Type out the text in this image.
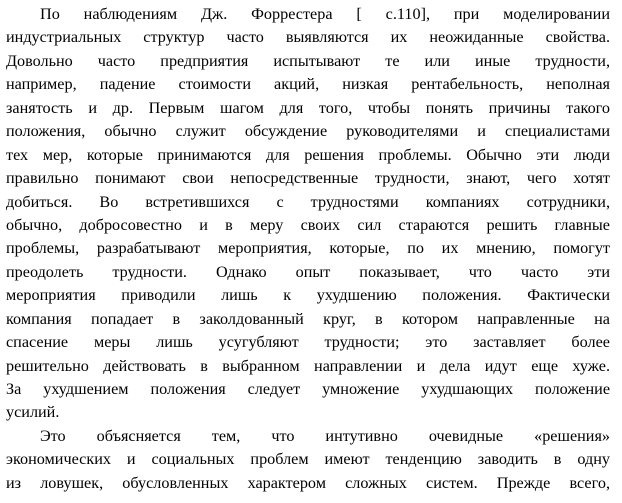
По наблюдениям Дж. Форрестера [ с.110], при моделировании
индустриальных структур часто выявляются их неожиданные свойства.
Довольно часто предприятия испытывают те или иные трудности,
например, падение стоимости акций, низкая рентабельность, неполная
занятость и др. Первым шагом для того, чтобы понять причины такого
положения, обычно служит обсуждение руководителями и специалистами
тех мер, которые принимаются для решения проблемы. Обычно эти люди
правильно понимают свои непосредственные трудности, знают, чего хотят
добиться. Во встретившихся с трудностями компаниях сотрудники,
обычно, добросовестно и в меру своих сил стараются решить главные
проблемы, разрабатывают мероприятия, которые, по их мнению, помогут
преодолеть трудности. Однако опыт показывает, что часто эти
мероприятия приводили лишь к ухудшению положения. Фактически
компания попадает в заколдованный круг, в котором направленные на
спасение меры лишь усугубляют трудности; это заставляет более
решительно действовать в выбранном направлении и дела идут еще хуже.
За ухудшением положения следует умножение ухудшающих положение
усилий.
Это объясняется тем, что интутивно очевидные «решения»
экономических и социальных проблем имеют тенденцию заводить в одну
из ловушек, обусловленных характером сложных систем. Прежде всего,
